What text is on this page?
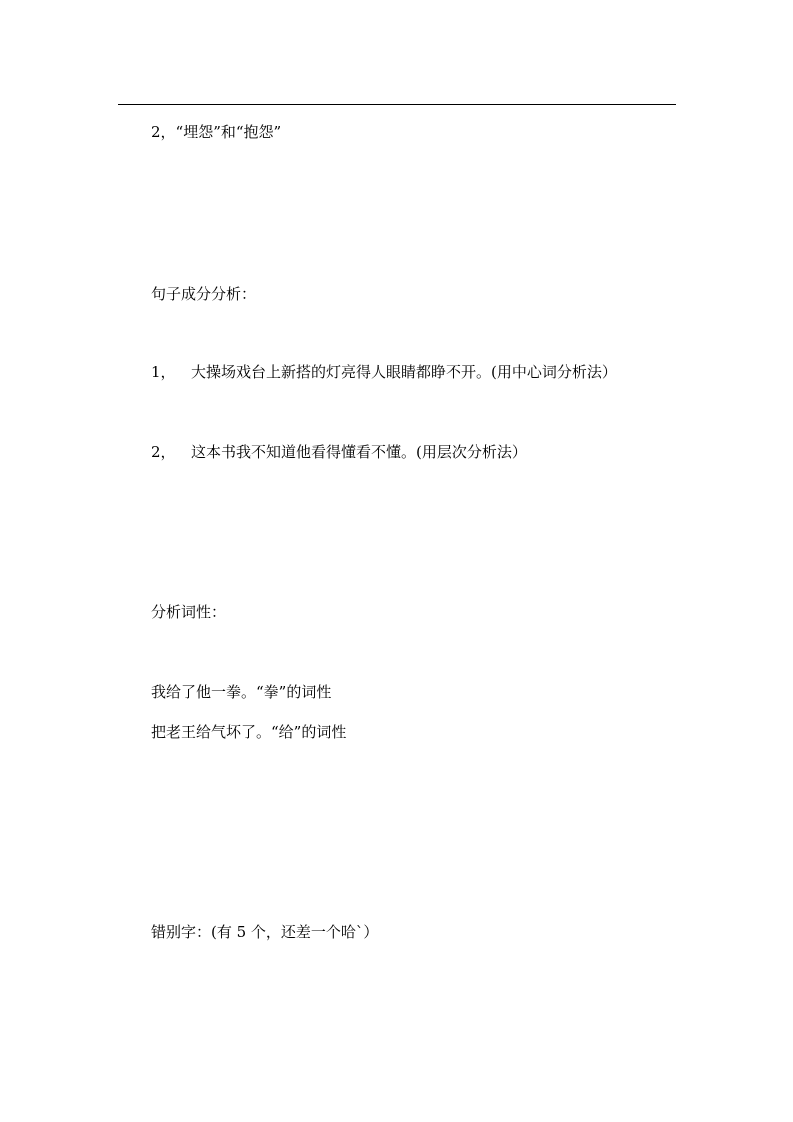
2，“埋怨”和“抱怨”
句子成分分析：
1， 大操场戏台上新搭的灯亮得人眼睛都睁不开。(用中心词分析法）
2， 这本书我不知道他看得懂看不懂。(用层次分析法）
分析词性：
我给了他一拳。“拳”的词性
把老王给气坏了。“给”的词性
错别字：(有 5 个，还差一个哈`）
